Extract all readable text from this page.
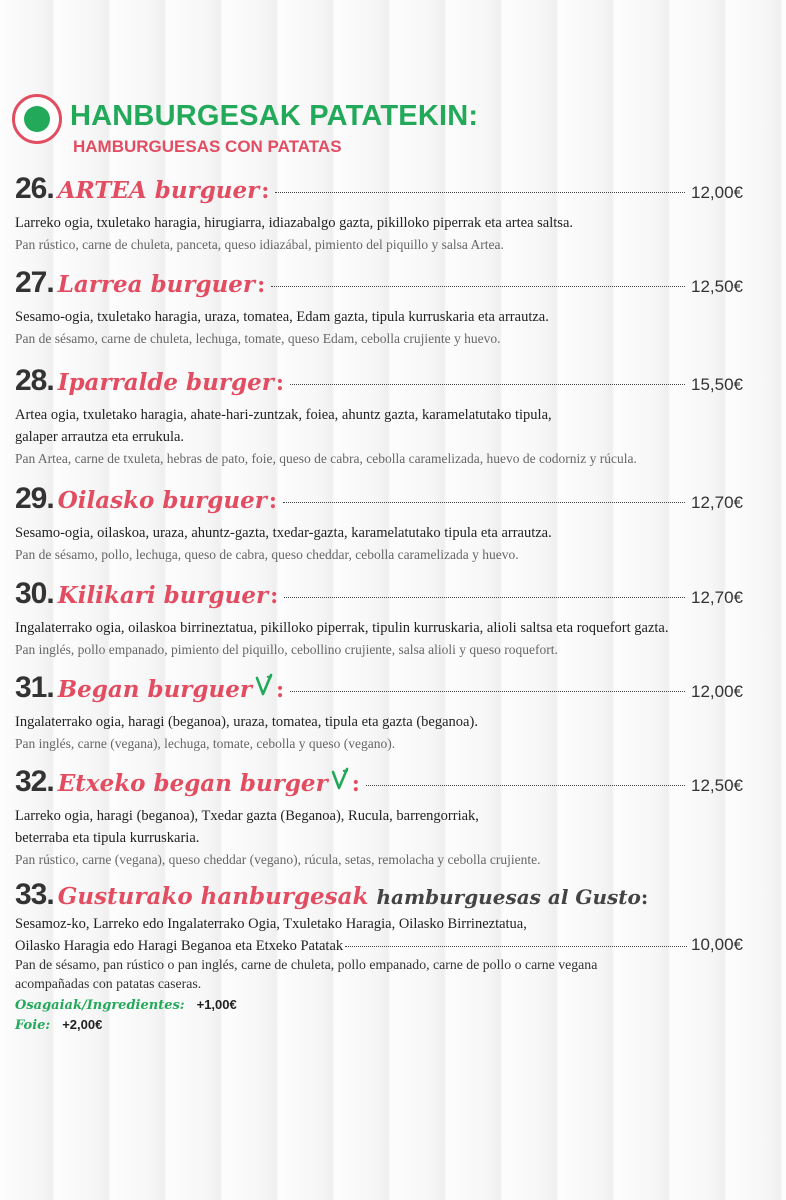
HANBURGESAK PATATEKIN:
HAMBURGUESAS CON PATATAS
26. ARTEA burguer :	12,00€
Larreko ogia, txuletako haragia, hirugiarra, idiazabalgo gazta, pikilloko piperrak eta artea saltsa.
Pan rústico, carne de chuleta, panceta, queso idiazábal, pimiento del piquillo y salsa Artea.
27. Larrea burguer :	12,50€
Sesamo-ogia, txuletako haragia, uraza, tomatea, Edam gazta, tipula kurruskaria eta arrautza.
Pan de sésamo, carne de chuleta, lechuga, tomate, queso Edam, cebolla crujiente y huevo.
28. Iparralde burger :	15,50€
Artea ogia, txuletako haragia, ahate-hari-zuntzak, foiea, ahuntz gazta, karamelatutako tipula,
galaper arrautza eta errukula.
Pan Artea, carne de txuleta, hebras de pato, foie, queso de cabra, cebolla caramelizada, huevo de codorniz y rúcula.
29. Oilasko burguer :	12,70€
Sesamo-ogia, oilaskoa, uraza, ahuntz-gazta, txedar-gazta, karamelatutako tipula eta arrautza.
Pan de sésamo, pollo, lechuga, queso de cabra, queso cheddar, cebolla caramelizada y huevo.
30. Kilikari burguer :	12,70€
Ingalaterrako ogia, oilaskoa birrineztatua, pikilloko piperrak, tipulin kurruskaria, alioli saltsa eta roquefort gazta.
Pan inglés, pollo empanado, pimiento del piquillo, cebollino crujiente, salsa alioli y queso roquefort.
31. Began burguer :	12,00€
Ingalaterrako ogia, haragi (beganoa), uraza, tomatea, tipula eta gazta (beganoa).
Pan inglés, carne (vegana), lechuga, tomate, cebolla y queso (vegano).
32. Etxeko began burger :	12,50€
Larreko ogia, haragi (beganoa), Txedar gazta (Beganoa), Rucula, barrengorriak,
beterraba eta tipula kurruskaria.
Pan rústico, carne (vegana), queso cheddar (vegano), rúcula, setas, remolacha y cebolla crujiente.
33. Gusturako hanburgesak hamburguesas al Gusto :
Sesamoz-ko, Larreko edo Ingalaterrako Ogia, Txuletako Haragia, Oilasko Birrineztatua,
Oilasko Haragia edo Haragi Beganoa eta Etxeko Patatak	10,00€
Pan de sésamo, pan rústico o pan inglés, carne de chuleta, pollo empanado, carne de pollo o carne vegana
acompañadas con patatas caseras.
Osagaiak/Ingredientes: +1,00€
Foie: +2,00€
